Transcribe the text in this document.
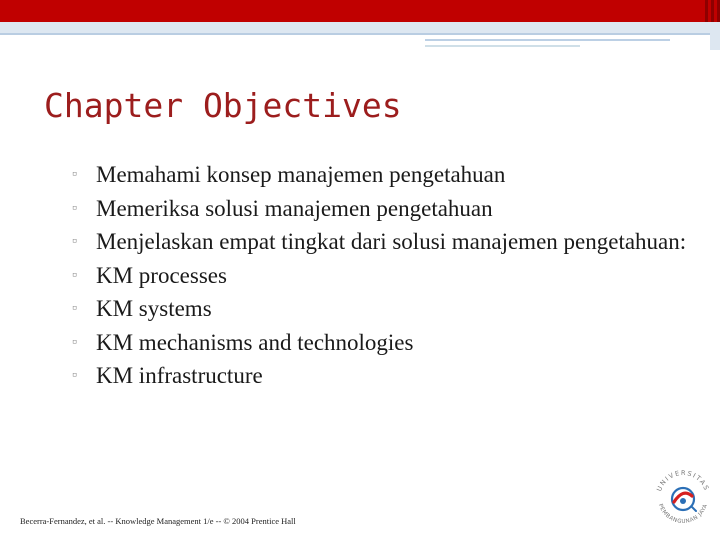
Chapter Objectives
▫ Memahami konsep manajemen pengetahuan
▫ Memeriksa solusi manajemen pengetahuan
▫ Menjelaskan empat tingkat dari solusi manajemen pengetahuan:
▫ KM processes
▫ KM systems
▫ KM mechanisms and technologies
▫ KM infrastructure
Becerra-Fernandez, et al. -- Knowledge Management 1/e -- © 2004 Prentice Hall
UNIVERSITAS
PEMBANGUNAN JAYA
